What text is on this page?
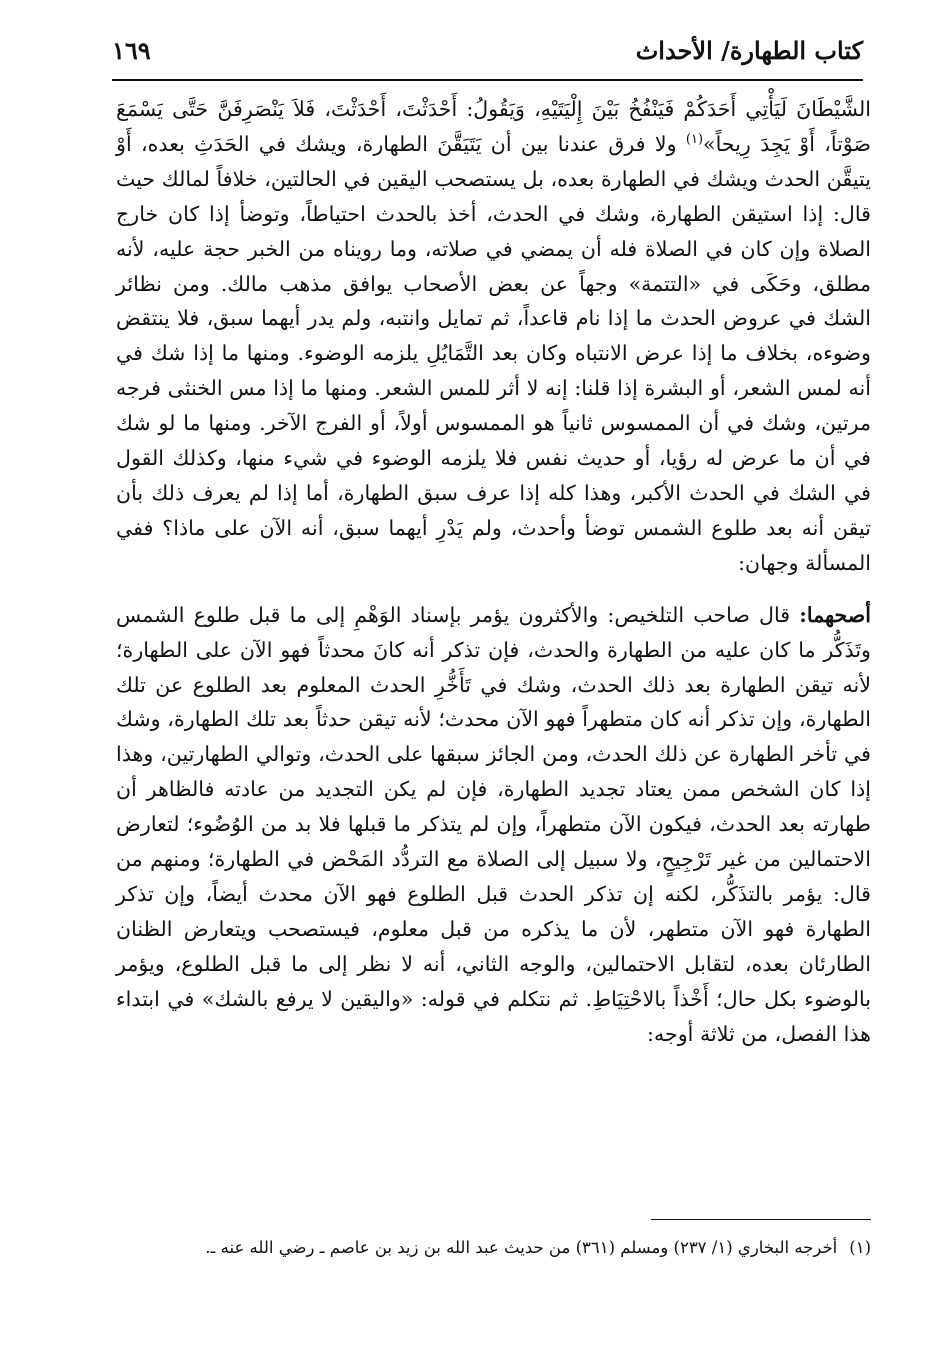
كتاب الطهارة/ الأحداث
١٦٩

الشَّيْطَانَ لَيَأْتِي أَحَدَكُمْ فَيَنْفُخُ بَيْنَ إِلْيَتَيْهِ، وَيَقُولُ: أَحْدَثْتَ، أَحْدَثْتَ، فَلاَ يَنْصَرِفَنَّ حَتَّى يَسْمَعَ صَوْتاً، أَوْ يَجِدَ رِيحاً»$^{(١)}$ ولا فرق عندنا بين أن يَتَيَقَّنَ الطهارة، ويشك في الحَدَثِ بعده، أَوْ يتيقَّن الحدث ويشك في الطهارة بعده، بل يستصحب اليقين في الحالتين، خلافاً لمالك حيث قال: إذا استيقن الطهارة، وشك في الحدث، أخذ بالحدث احتياطاً، وتوضأ إذا كان خارج الصلاة وإن كان في الصلاة فله أن يمضي في صلاته، وما رويناه من الخبر حجة عليه، لأنه مطلق، وحَكَى في «التتمة» وجهاً عن بعض الأصحاب يوافق مذهب مالك. ومن نظائر الشك في عروض الحدث ما إذا نام قاعداً، ثم تمايل وانتبه، ولم يدر أيهما سبق، فلا ينتقض وضوءه، بخلاف ما إذا عرض الانتباه وكان بعد التَّمَايُلِ يلزمه الوضوء. ومنها ما إذا شك في أنه لمس الشعر، أو البشرة إذا قلنا: إنه لا أثر للمس الشعر. ومنها ما إذا مس الخنثى فرجه مرتين، وشك في أن الممسوس ثانياً هو الممسوس أولاً، أو الفرج الآخر. ومنها ما لو شك في أن ما عرض له رؤيا، أو حديث نفس فلا يلزمه الوضوء في شيء منها، وكذلك القول في الشك في الحدث الأكبر، وهذا كله إذا عرف سبق الطهارة، أما إذا لم يعرف ذلك بأن تيقن أنه بعد طلوع الشمس توضأ وأحدث، ولم يَدْرِ أيهما سبق، أنه الآن على ماذا؟ ففي المسألة وجهان:

أصحهما: قال صاحب التلخيص: والأكثرون يؤمر بإسناد الوَهْمِ إلى ما قبل طلوع الشمس وتَذَكُّر ما كان عليه من الطهارة والحدث، فإن تذكر أنه كانَ محدثاً فهو الآن على الطهارة؛ لأنه تيقن الطهارة بعد ذلك الحدث، وشك في تَأَخُّرِ الحدث المعلوم بعد الطلوع عن تلك الطهارة، وإن تذكر أنه كان متطهراً فهو الآن محدث؛ لأنه تيقن حدثاً بعد تلك الطهارة، وشك في تأخر الطهارة عن ذلك الحدث، ومن الجائز سبقها على الحدث، وتوالي الطهارتين، وهذا إذا كان الشخص ممن يعتاد تجديد الطهارة، فإن لم يكن التجديد من عادته فالظاهر أن طهارته بعد الحدث، فيكون الآن متطهراً، وإن لم يتذكر ما قبلها فلا بد من الوُضُوء؛ لتعارض الاحتمالين من غير تَرْجِيحٍ، ولا سبيل إلى الصلاة مع التردُّد المَحْض في الطهارة؛ ومنهم من قال: يؤمر بالتذَكُّر، لكنه إن تذكر الحدث قبل الطلوع فهو الآن محدث أيضاً، وإن تذكر الطهارة فهو الآن متطهر، لأن ما يذكره من قبل معلوم، فيستصحب ويتعارض الظنان الطارئان بعده، لتقابل الاحتمالين، والوجه الثاني، أنه لا نظر إلى ما قبل الطلوع، ويؤمر بالوضوء بكل حال؛ أَخْذاً بالاحْتِيَاطِ. ثم نتكلم في قوله: «واليقين لا يرفع بالشك» في ابتداء هذا الفصل، من ثلاثة أوجه:

(١)أخرجه البخاري (١/ ٢٣٧) ومسلم (٣٦١) من حديث عبد الله بن زيد بن عاصم ـ رضي الله عنه ـ.
